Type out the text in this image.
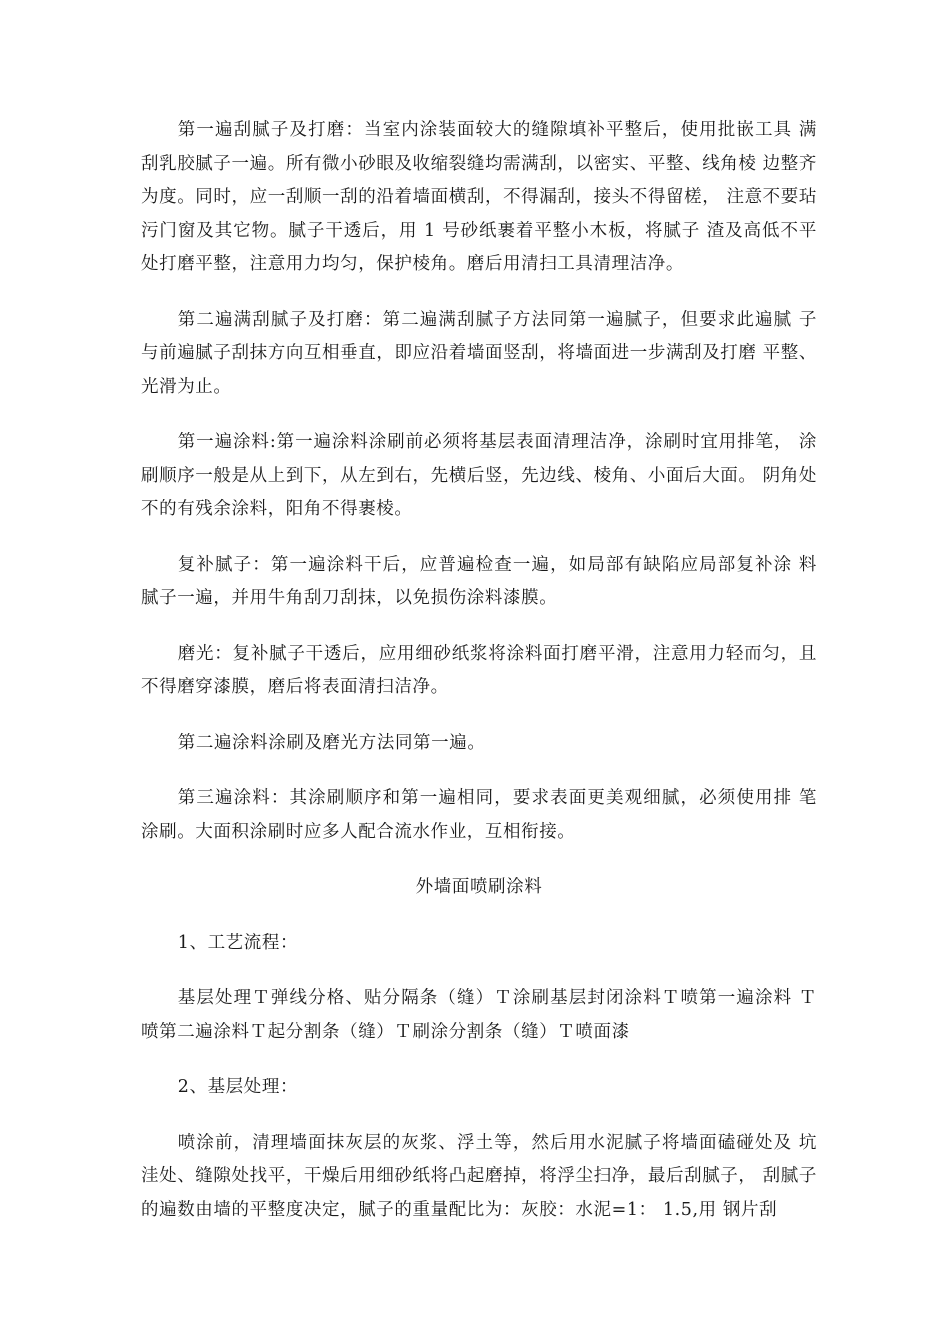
第一遍刮腻子及打磨：当室内涂装面较大的缝隙填补平整后，使用批嵌工具 满刮乳胶腻子一遍。所有微小砂眼及收缩裂缝均需满刮，以密实、平整、线角棱 边整齐为度。同时，应一刮顺一刮的沿着墙面横刮，不得漏刮，接头不得留槎， 注意不要玷污门窗及其它物。腻子干透后，用 1 号砂纸裹着平整小木板，将腻子 渣及高低不平处打磨平整，注意用力均匀，保护棱角。磨后用清扫工具清理洁净。

第二遍满刮腻子及打磨：第二遍满刮腻子方法同第一遍腻子，但要求此遍腻 子与前遍腻子刮抹方向互相垂直，即应沿着墙面竖刮，将墙面进一步满刮及打磨 平整、光滑为止。

第一遍涂料:第一遍涂料涂刷前必须将基层表面清理洁净，涂刷时宜用排笔， 涂刷顺序一般是从上到下，从左到右，先横后竖，先边线、棱角、小面后大面。 阴角处不的有残余涂料，阳角不得裹棱。

复补腻子：第一遍涂料干后，应普遍检查一遍，如局部有缺陷应局部复补涂 料腻子一遍，并用牛角刮刀刮抹，以免损伤涂料漆膜。

磨光：复补腻子干透后，应用细砂纸浆将涂料面打磨平滑，注意用力轻而匀，且不得磨穿漆膜，磨后将表面清扫洁净。

第二遍涂料涂刷及磨光方法同第一遍。

第三遍涂料：其涂刷顺序和第一遍相同，要求表面更美观细腻，必须使用排 笔涂刷。大面积涂刷时应多人配合流水作业，互相衔接。

外墙面喷刷涂料

1、工艺流程：

基层处理Ｔ弹线分格、贴分隔条（缝）Ｔ涂刷基层封闭涂料Ｔ喷第一遍涂料 Ｔ喷第二遍涂料Ｔ起分割条（缝）Ｔ刷涂分割条（缝）Ｔ喷面漆

2、基层处理：

喷涂前，清理墙面抹灰层的灰浆、浮土等，然后用水泥腻子将墙面磕碰处及 坑洼处、缝隙处找平，干燥后用细砂纸将凸起磨掉，将浮尘扫净，最后刮腻子， 刮腻子的遍数由墙的平整度决定，腻子的重量配比为：灰胶：水泥=1： 1.5,用 钢片刮
